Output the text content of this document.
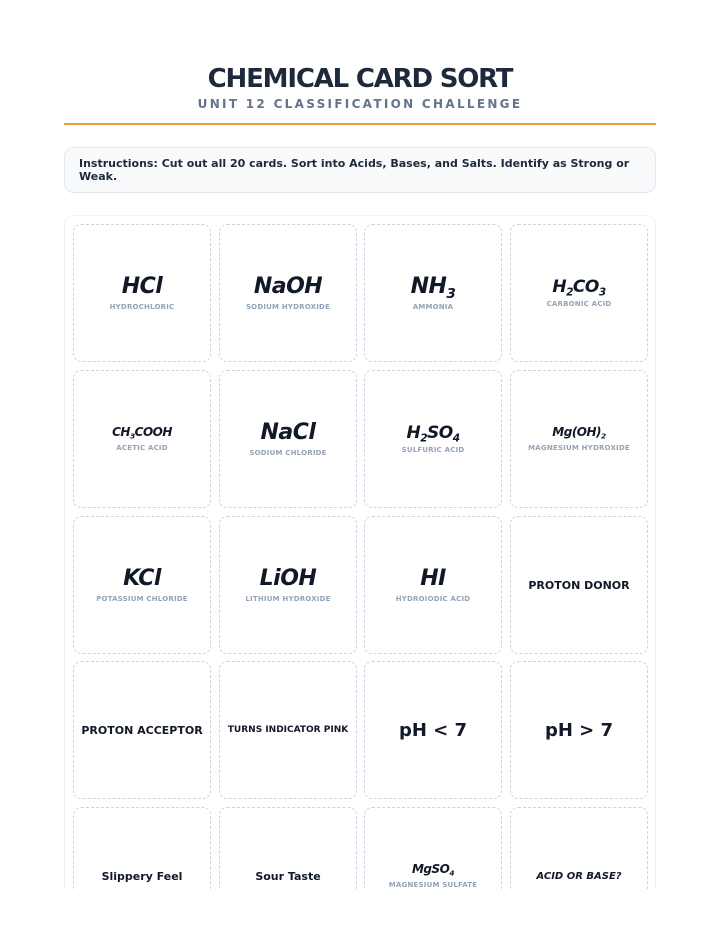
CHEMICAL CARD SORT
UNIT 12 CLASSIFICATION CHALLENGE
Instructions: Cut out all 20 cards. Sort into Acids, Bases, and Salts. Identify as Strong or Weak.
HCl
HYDROCHLORIC
NaOH
SODIUM HYDROXIDE
$NH_3$
AMMONIA
$H_2CO_3$
CARBONIC ACID
$CH_3COOH$
ACETIC ACID
NaCl
SODIUM CHLORIDE
$H_2SO_4$
SULFURIC ACID
$Mg(OH)_2$
MAGNESIUM HYDROXIDE
KCl
POTASSIUM CHLORIDE
LiOH
LITHIUM HYDROXIDE
HI
HYDROIODIC ACID
PROTON DONOR
PROTON ACCEPTOR	TURNS INDICATOR PINK	pH < 7	pH > 7
Slippery Feel	Sour Taste	MgSO$_4$
MAGNESIUM SULFATE
ACID OR BASE?
